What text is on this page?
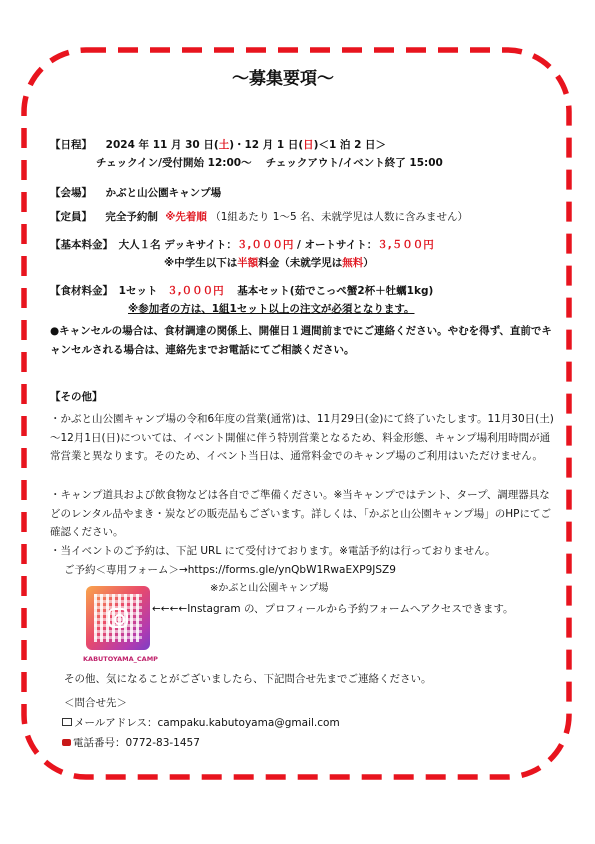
～募集要項～
【日程】 2024 年 11 月 30 日(土)・12 月 1 日(日)＜1 泊 2 日＞
チェックイン/受付開始 12:00～　 チェックアウト/イベント終了 15:00
【会場】 かぶと山公園キャンプ場
【定員】 完全予約制 ※先着順 （1組あたり 1～5 名、未就学児は人数に含みません）
【基本料金】 大人１名 デッキサイト：３,０００円 / オートサイト：３,５００円
※中学生以下は半額料金（未就学児は無料）
【食材料金】 1セット ３,０００円 基本セット(茹でこっぺ蟹2杯＋牡蠣1kg)
※参加者の方は、1組1セット以上の注文が必須となります。
●キャンセルの場合は、食材調達の関係上、開催日１週間前までにご連絡ください。やむを得ず、直前でキャンセルされる場合は、連絡先までお電話にてご相談ください。
【その他】
・かぶと山公園キャンプ場の令和6年度の営業(通常)は、11月29日(金)にて終了いたします。11月30日(土)～12月1日(日)については、イベント開催に伴う特別営業となるため、料金形態、キャンプ場利用時間が通常営業と異なります。そのため、イベント当日は、通常料金でのキャンプ場のご利用はいただけません。
・キャンプ道具および飲食物などは各自でご準備ください。※当キャンプではテント、タープ、調理器具などのレンタル品やまき・炭などの販売品もございます。詳しくは、「かぶと山公園キャンプ場」のHPにてご確認ください。
・当イベントのご予約は、下記 URL にて受付けております。※電話予約は行っておりません。
ご予約＜専用フォーム＞→https://forms.gle/ynQbW1RwaEXP9JSZ9
※かぶと山公園キャンプ場
KABUTOYAMA_CAMP
←←←←Instagram の、プロフィールから予約フォームへアクセスできます。
その他、気になることがございましたら、下記問合せ先までご連絡ください。
＜問合せ先＞
メールアドレス：campaku.kabutoyama@gmail.com
電話番号：0772-83-1457
